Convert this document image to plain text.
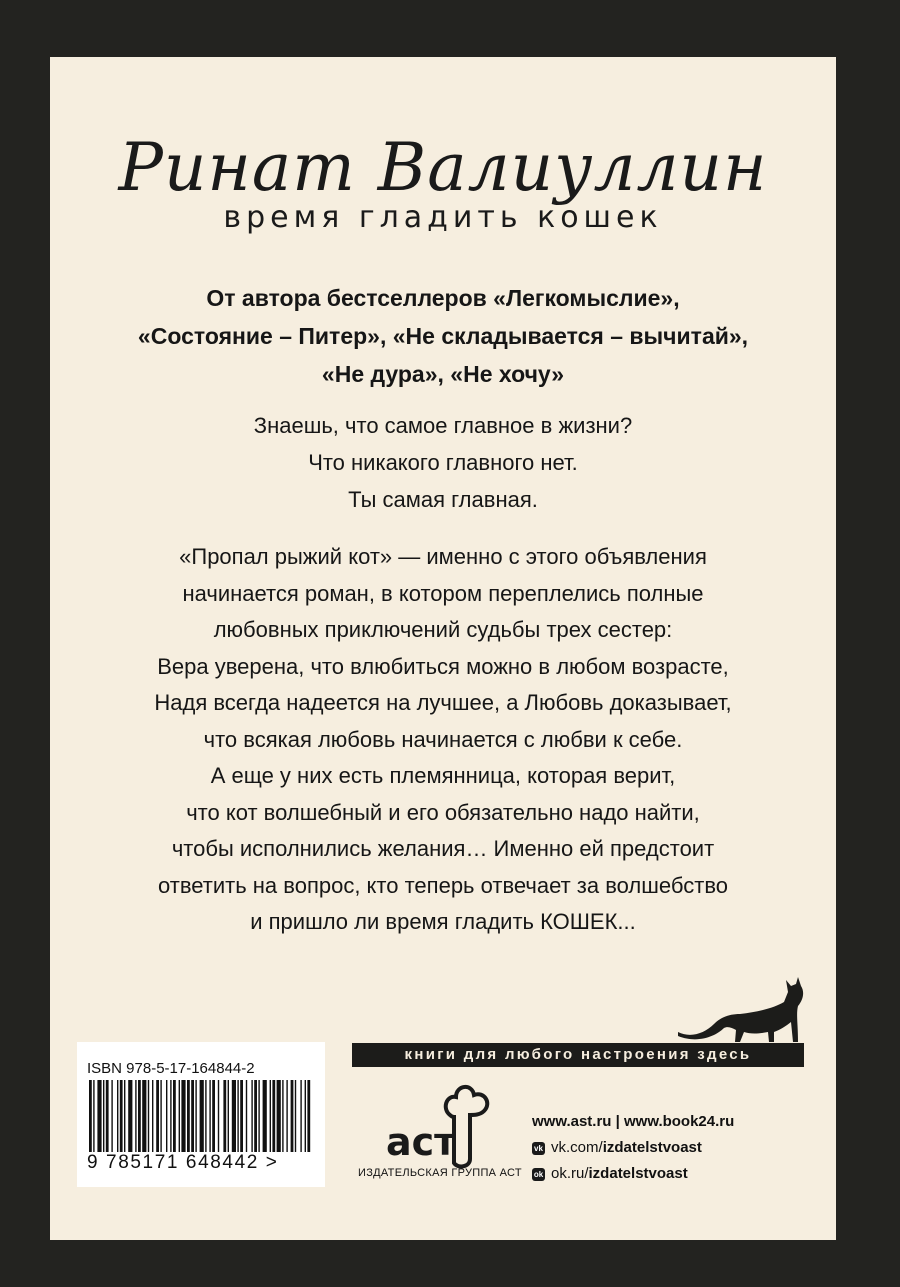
Ринат Валиуллин
время гладить кошек
От автора бестселлеров «Легкомыслие»,
«Состояние – Питер», «Не складывается – вычитай»,
«Не дура», «Не хочу»
Знаешь, что самое главное в жизни?
Что никакого главного нет.
Ты самая главная.
«Пропал рыжий кот» — именно с этого объявления
начинается роман, в котором переплелись полные
любовных приключений судьбы трех сестер:
Вера уверена, что влюбиться можно в любом возрасте,
Надя всегда надеется на лучшее, а Любовь доказывает,
что всякая любовь начинается с любви к себе.
А еще у них есть племянница, которая верит,
что кот волшебный и его обязательно надо найти,
чтобы исполнились желания… Именно ей предстоит
ответить на вопрос, кто теперь отвечает за волшебство
и пришло ли время гладить КОШЕК...
книги для любого настроения здесь
ISBN 978-5-17-164844-2
9 785171 648442 >	аст
ИЗДАТЕЛЬСКАЯ ГРУППА АСТ
www.ast.ru | www.book24.ru
vk vk.com/izdatelstvoast
ok ok.ru/izdatelstvoast
